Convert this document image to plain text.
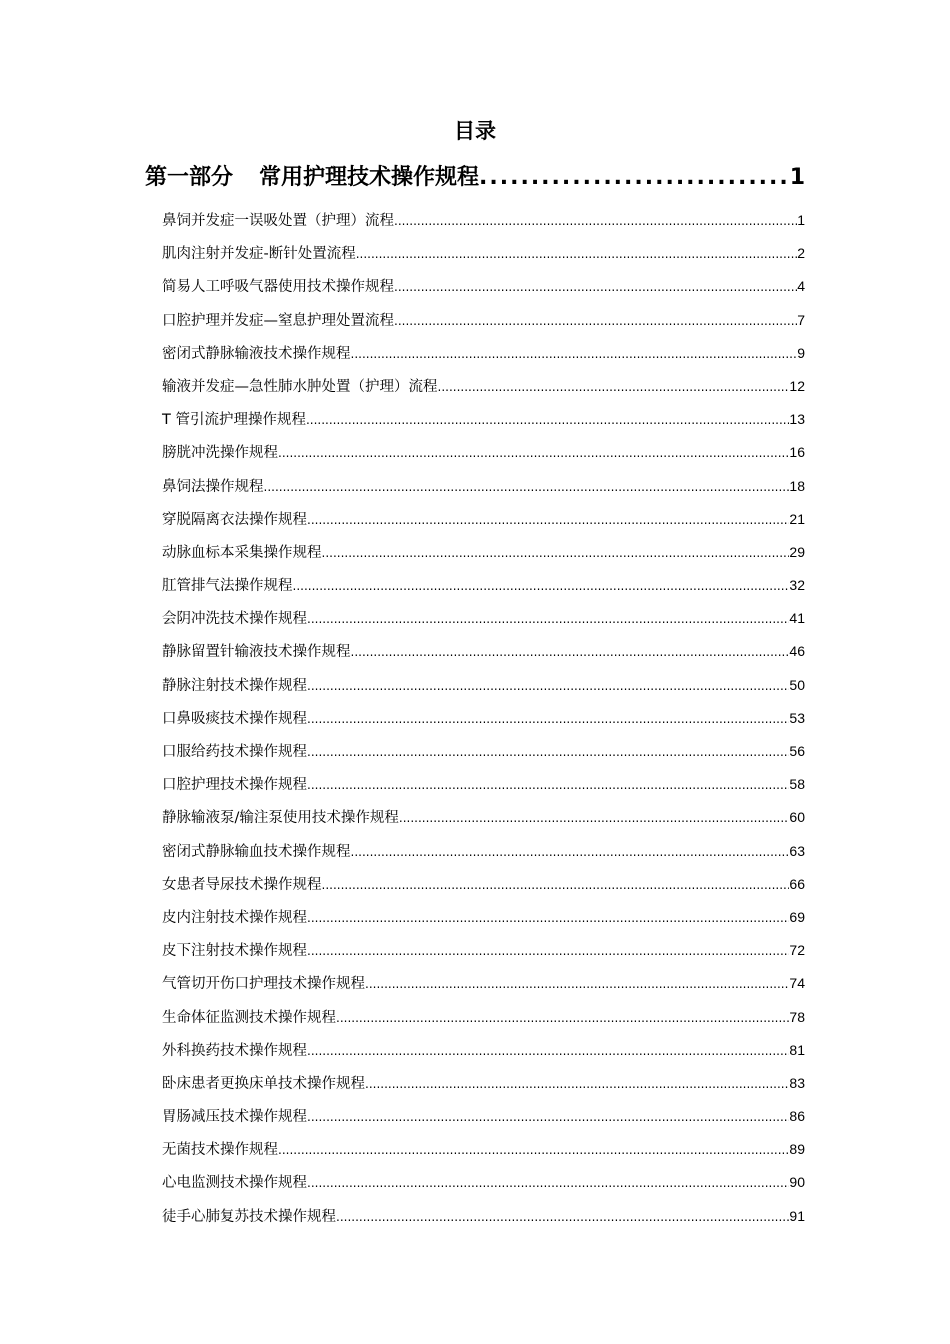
目录
第一部分 常用护理技术操作规程 .....	1
鼻饲并发症一误吸处置（护理）流程 .....	1
肌肉注射并发症-断针处置流程 .....	2
简易人工呼吸气器使用技术操作规程 .....	4
口腔护理并发症—窒息护理处置流程 .....	7
密闭式静脉输液技术操作规程 .....	9
输液并发症—急性肺水肿处置（护理）流程 .....	12
T 管引流护理操作规程 .....	13
膀胱冲洗操作规程 .....	16
鼻饲法操作规程 .....	18
穿脱隔离衣法操作规程 .....	21
动脉血标本采集操作规程 .....	29
肛管排气法操作规程 .....	32
会阴冲洗技术操作规程 .....	41
静脉留置针输液技术操作规程 .....	46
静脉注射技术操作规程 .....	50
口鼻吸痰技术操作规程 .....	53
口服给药技术操作规程 .....	56
口腔护理技术操作规程 .....	58
静脉输液泵/输注泵使用技术操作规程 .....	60
密闭式静脉输血技术操作规程 .....	63
女患者导尿技术操作规程 .....	66
皮内注射技术操作规程 .....	69
皮下注射技术操作规程 .....	72
气管切开伤口护理技术操作规程 .....	74
生命体征监测技术操作规程 .....	78
外科换药技术操作规程 .....	81
卧床患者更换床单技术操作规程 .....	83
胃肠减压技术操作规程 .....	86
无菌技术操作规程 .....	89
心电监测技术操作规程 .....	90
徒手心肺复苏技术操作规程 .....	91
